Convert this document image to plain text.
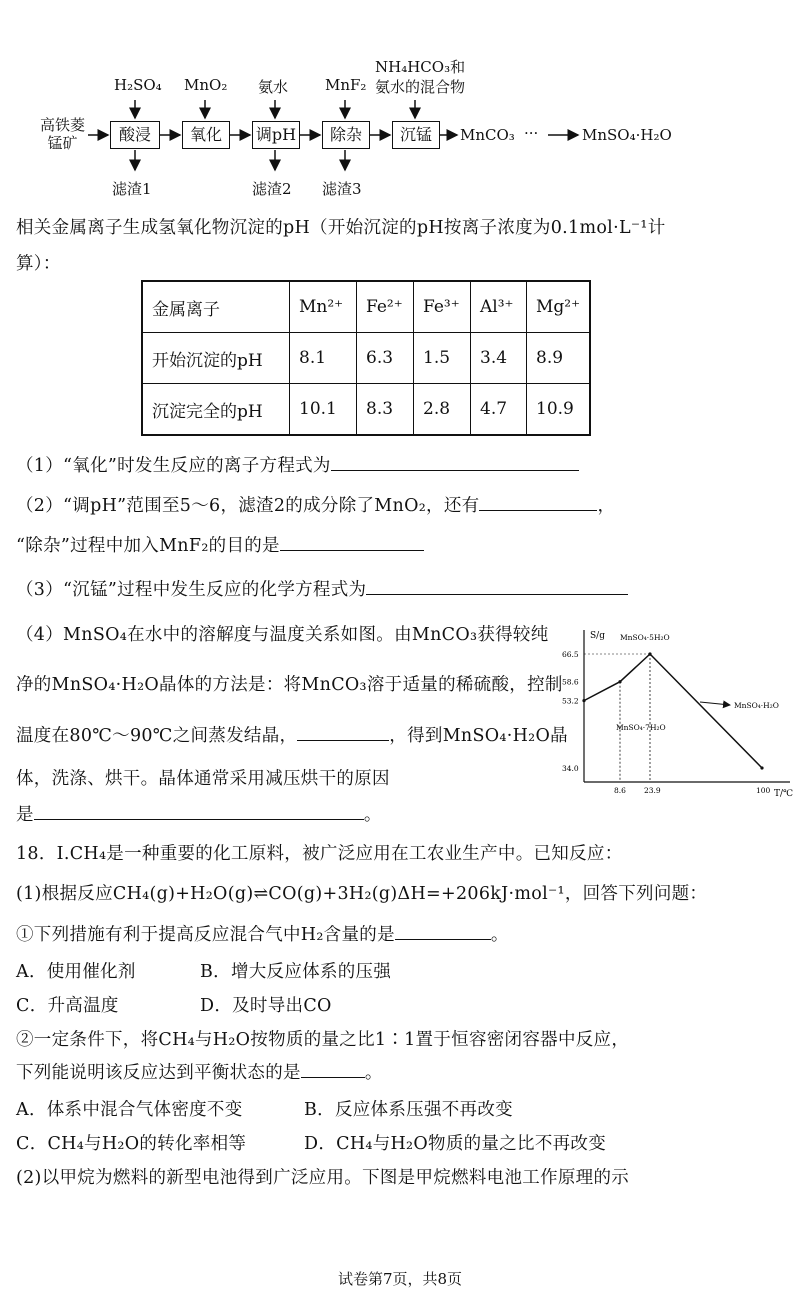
高铁菱
锰矿	酸浸	氧化	调pH	除杂	沉锰
H₂SO₄ MnO₂ 氨水 MnF₂
NH₄HCO₃和
氨水的混合物
滤渣1	滤渣2 滤渣3
MnCO₃ ···	MnSO₄·H₂O
相关金属离子生成氢氧化物沉淀的pH（开始沉淀的pH按离子浓度为0.1mol·L⁻¹计
算）：
金属离子	Mn²⁺	Fe²⁺	Fe³⁺	Al³⁺	Mg²⁺
开始沉淀的pH	8.1	6.3	1.5	3.4	8.9
沉淀完全的pH	10.1	8.3	2.8	4.7	10.9
（1）“氧化”时发生反应的离子方程式为
（2）“调pH”范围至5～6，滤渣2的成分除了MnO₂，还有	，
“除杂”过程中加入MnF₂的目的是
（3）“沉锰”过程中发生反应的化学方程式为
（4）MnSO₄在水中的溶解度与温度关系如图。由MnCO₃获得较纯
净的MnSO₄·H₂O晶体的方法是：将MnCO₃溶于适量的稀硫酸，控制
温度在80℃～90℃之间蒸发结晶，	，得到MnSO₄·H₂O晶
体，洗涤、烘干。晶体通常采用减压烘干的原因
是	。
S/g
T/℃
66.5
58.6
53.2
34.0
8.6 23.9	100
MnSO₄·5H₂O
MnSO₄·7H₂O
MnSO₄·H₂O
18．Ⅰ.CH₄是一种重要的化工原料，被广泛应用在工农业生产中。已知反应：
(1)根据反应CH₄(g)+H₂O(g)⇌CO(g)+3H₂(g)ΔH=+206kJ·mol⁻¹，回答下列问题：
①下列措施有利于提高反应混合气中H₂含量的是	。
A．使用催化剂	B．增大反应体系的压强
C．升高温度	D．及时导出CO
②一定条件下，将CH₄与H₂O按物质的量之比1∶1置于恒容密闭容器中反应，
下列能说明该反应达到平衡状态的是	。
A．体系中混合气体密度不变	B．反应体系压强不再改变
C．CH₄与H₂O的转化率相等	D．CH₄与H₂O物质的量之比不再改变
(2)以甲烷为燃料的新型电池得到广泛应用。下图是甲烷燃料电池工作原理的示
试卷第7页，共8页
